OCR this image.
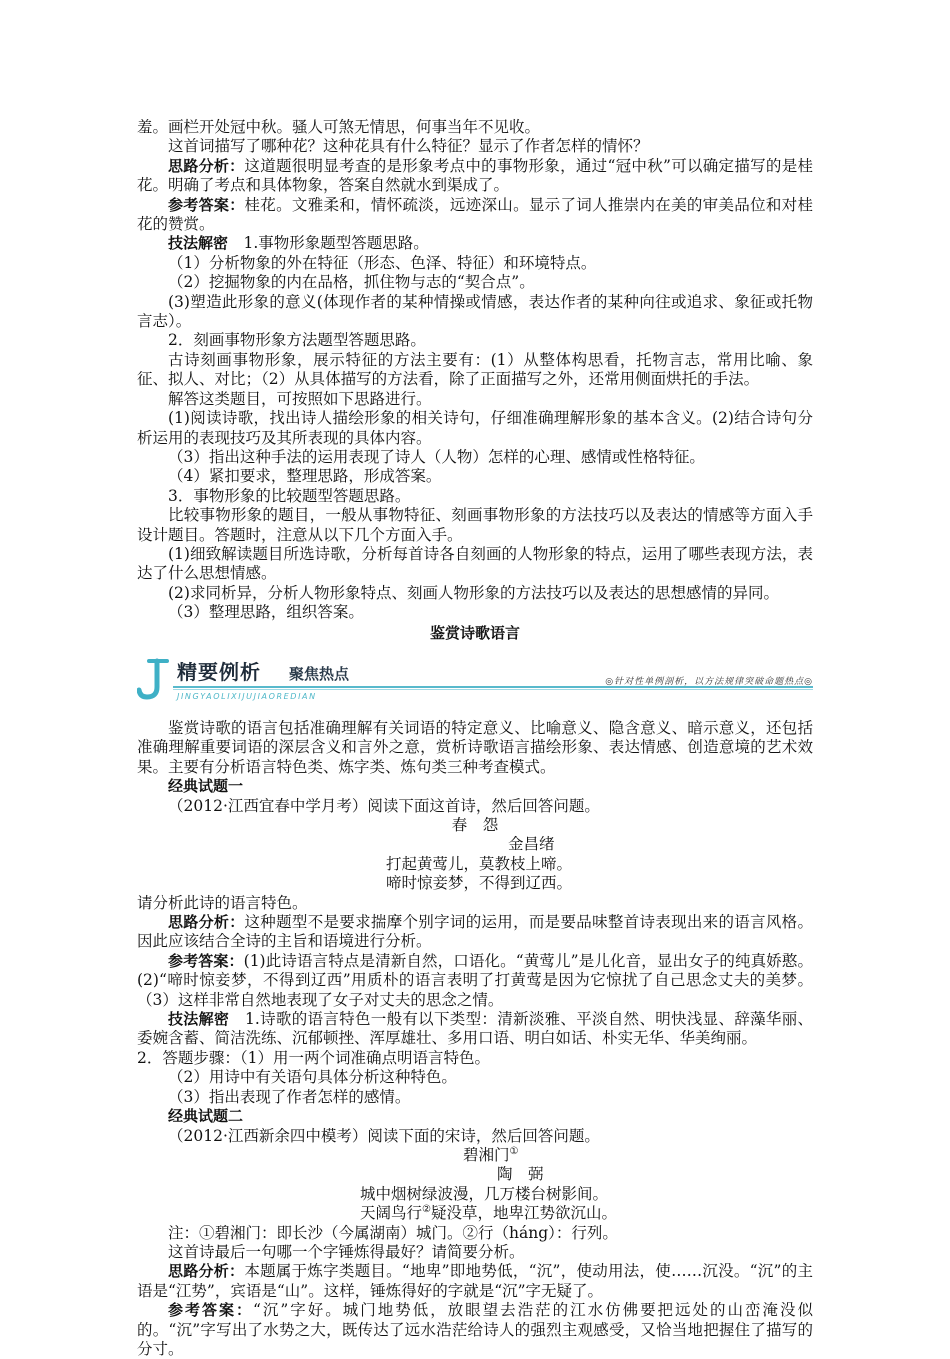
羞。画栏开处冠中秋。骚人可煞无情思，何事当年不见收。

这首词描写了哪种花？这种花具有什么特征？显示了作者怎样的情怀？

思路分析：这道题很明显考查的是形象考点中的事物形象，通过“冠中秋”可以确定描写的是桂花。明确了考点和具体物象，答案自然就水到渠成了。

参考答案：桂花。文雅柔和，情怀疏淡，远迹深山。显示了词人推崇内在美的审美品位和对桂花的赞赏。

技法解密　1.事物形象题型答题思路。

（1）分析物象的外在特征（形态、色泽、特征）和环境特点。

（2）挖掘物象的内在品格，抓住物与志的“契合点”。

(3)塑造此形象的意义(体现作者的某种情操或情感，表达作者的某种向往或追求、象征或托物言志）。

2．刻画事物形象方法题型答题思路。

古诗刻画事物形象，展示特征的方法主要有：(1）从整体构思看，托物言志，常用比喻、象征、拟人、对比；（2）从具体描写的方法看，除了正面描写之外，还常用侧面烘托的手法。

解答这类题目，可按照如下思路进行。

(1)阅读诗歌，找出诗人描绘形象的相关诗句，仔细准确理解形象的基本含义。(2)结合诗句分析运用的表现技巧及其所表现的具体内容。

（3）指出这种手法的运用表现了诗人（人物）怎样的心理、感情或性格特征。

（4）紧扣要求，整理思路，形成答案。

3．事物形象的比较题型答题思路。

比较事物形象的题目，一般从事物特征、刻画事物形象的方法技巧以及表达的情感等方面入手设计题目。答题时，注意从以下几个方面入手。

(1)细致解读题目所选诗歌，分析每首诗各自刻画的人物形象的特点，运用了哪些表现方法，表达了什么思想情感。

(2)求同析异，分析人物形象特点、刻画人物形象的方法技巧以及表达的思想感情的异同。

（3）整理思路，组织答案。

鉴赏诗歌语言

精要例析 聚焦热点
JINGYAOLIXIJUJIAOREDIAN
◎针对性单例剖析，以方法规律突破命题热点◎

鉴赏诗歌的语言包括准确理解有关词语的特定意义、比喻意义、隐含意义、暗示意义，还包括准确理解重要词语的深层含义和言外之意，赏析诗歌语言描绘形象、表达情感、创造意境的艺术效果。主要有分析语言特色类、炼字类、炼句类三种考查模式。

经典试题一

（2012·江西宜春中学月考）阅读下面这首诗，然后回答问题。

春　怨

金昌绪

打起黄莺儿，莫教枝上啼。

啼时惊妾梦，不得到辽西。

请分析此诗的语言特色。

思路分析：这种题型不是要求揣摩个别字词的运用，而是要品味整首诗表现出来的语言风格。因此应该结合全诗的主旨和语境进行分析。

参考答案：(1)此诗语言特点是清新自然，口语化。“黄莺儿”是儿化音，显出女子的纯真娇憨。(2)“啼时惊妾梦，不得到辽西”用质朴的语言表明了打黄莺是因为它惊扰了自己思念丈夫的美梦。（3）这样非常自然地表现了女子对丈夫的思念之情。

技法解密　1.诗歌的语言特色一般有以下类型：清新淡雅、平淡自然、明快浅显、辞藻华丽、委婉含蓄、简洁洗练、沉郁顿挫、浑厚雄壮、多用口语、明白如话、朴实无华、华美绚丽。

2．答题步骤：（1）用一两个词准确点明语言特色。

（2）用诗中有关语句具体分析这种特色。

（3）指出表现了作者怎样的感情。

经典试题二

（2012·江西新余四中模考）阅读下面的宋诗，然后回答问题。

碧湘门①

陶　弼

城中烟树绿波漫，几万楼台树影间。

天阔鸟行②疑没草，地卑江势欲沉山。

注：①碧湘门：即长沙（今属湖南）城门。②行（háng）：行列。

这首诗最后一句哪一个字锤炼得最好？请简要分析。

思路分析：本题属于炼字类题目。“地卑”即地势低，“沉”，使动用法，使……沉没。“沉”的主语是“江势”，宾语是“山”。这样，锤炼得好的字就是“沉”字无疑了。

参考答案：“沉”字好。城门地势低，放眼望去浩茫的江水仿佛要把远处的山峦淹没似的。“沉”字写出了水势之大，既传达了远水浩茫给诗人的强烈主观感受，又恰当地把握住了描写的分寸。
